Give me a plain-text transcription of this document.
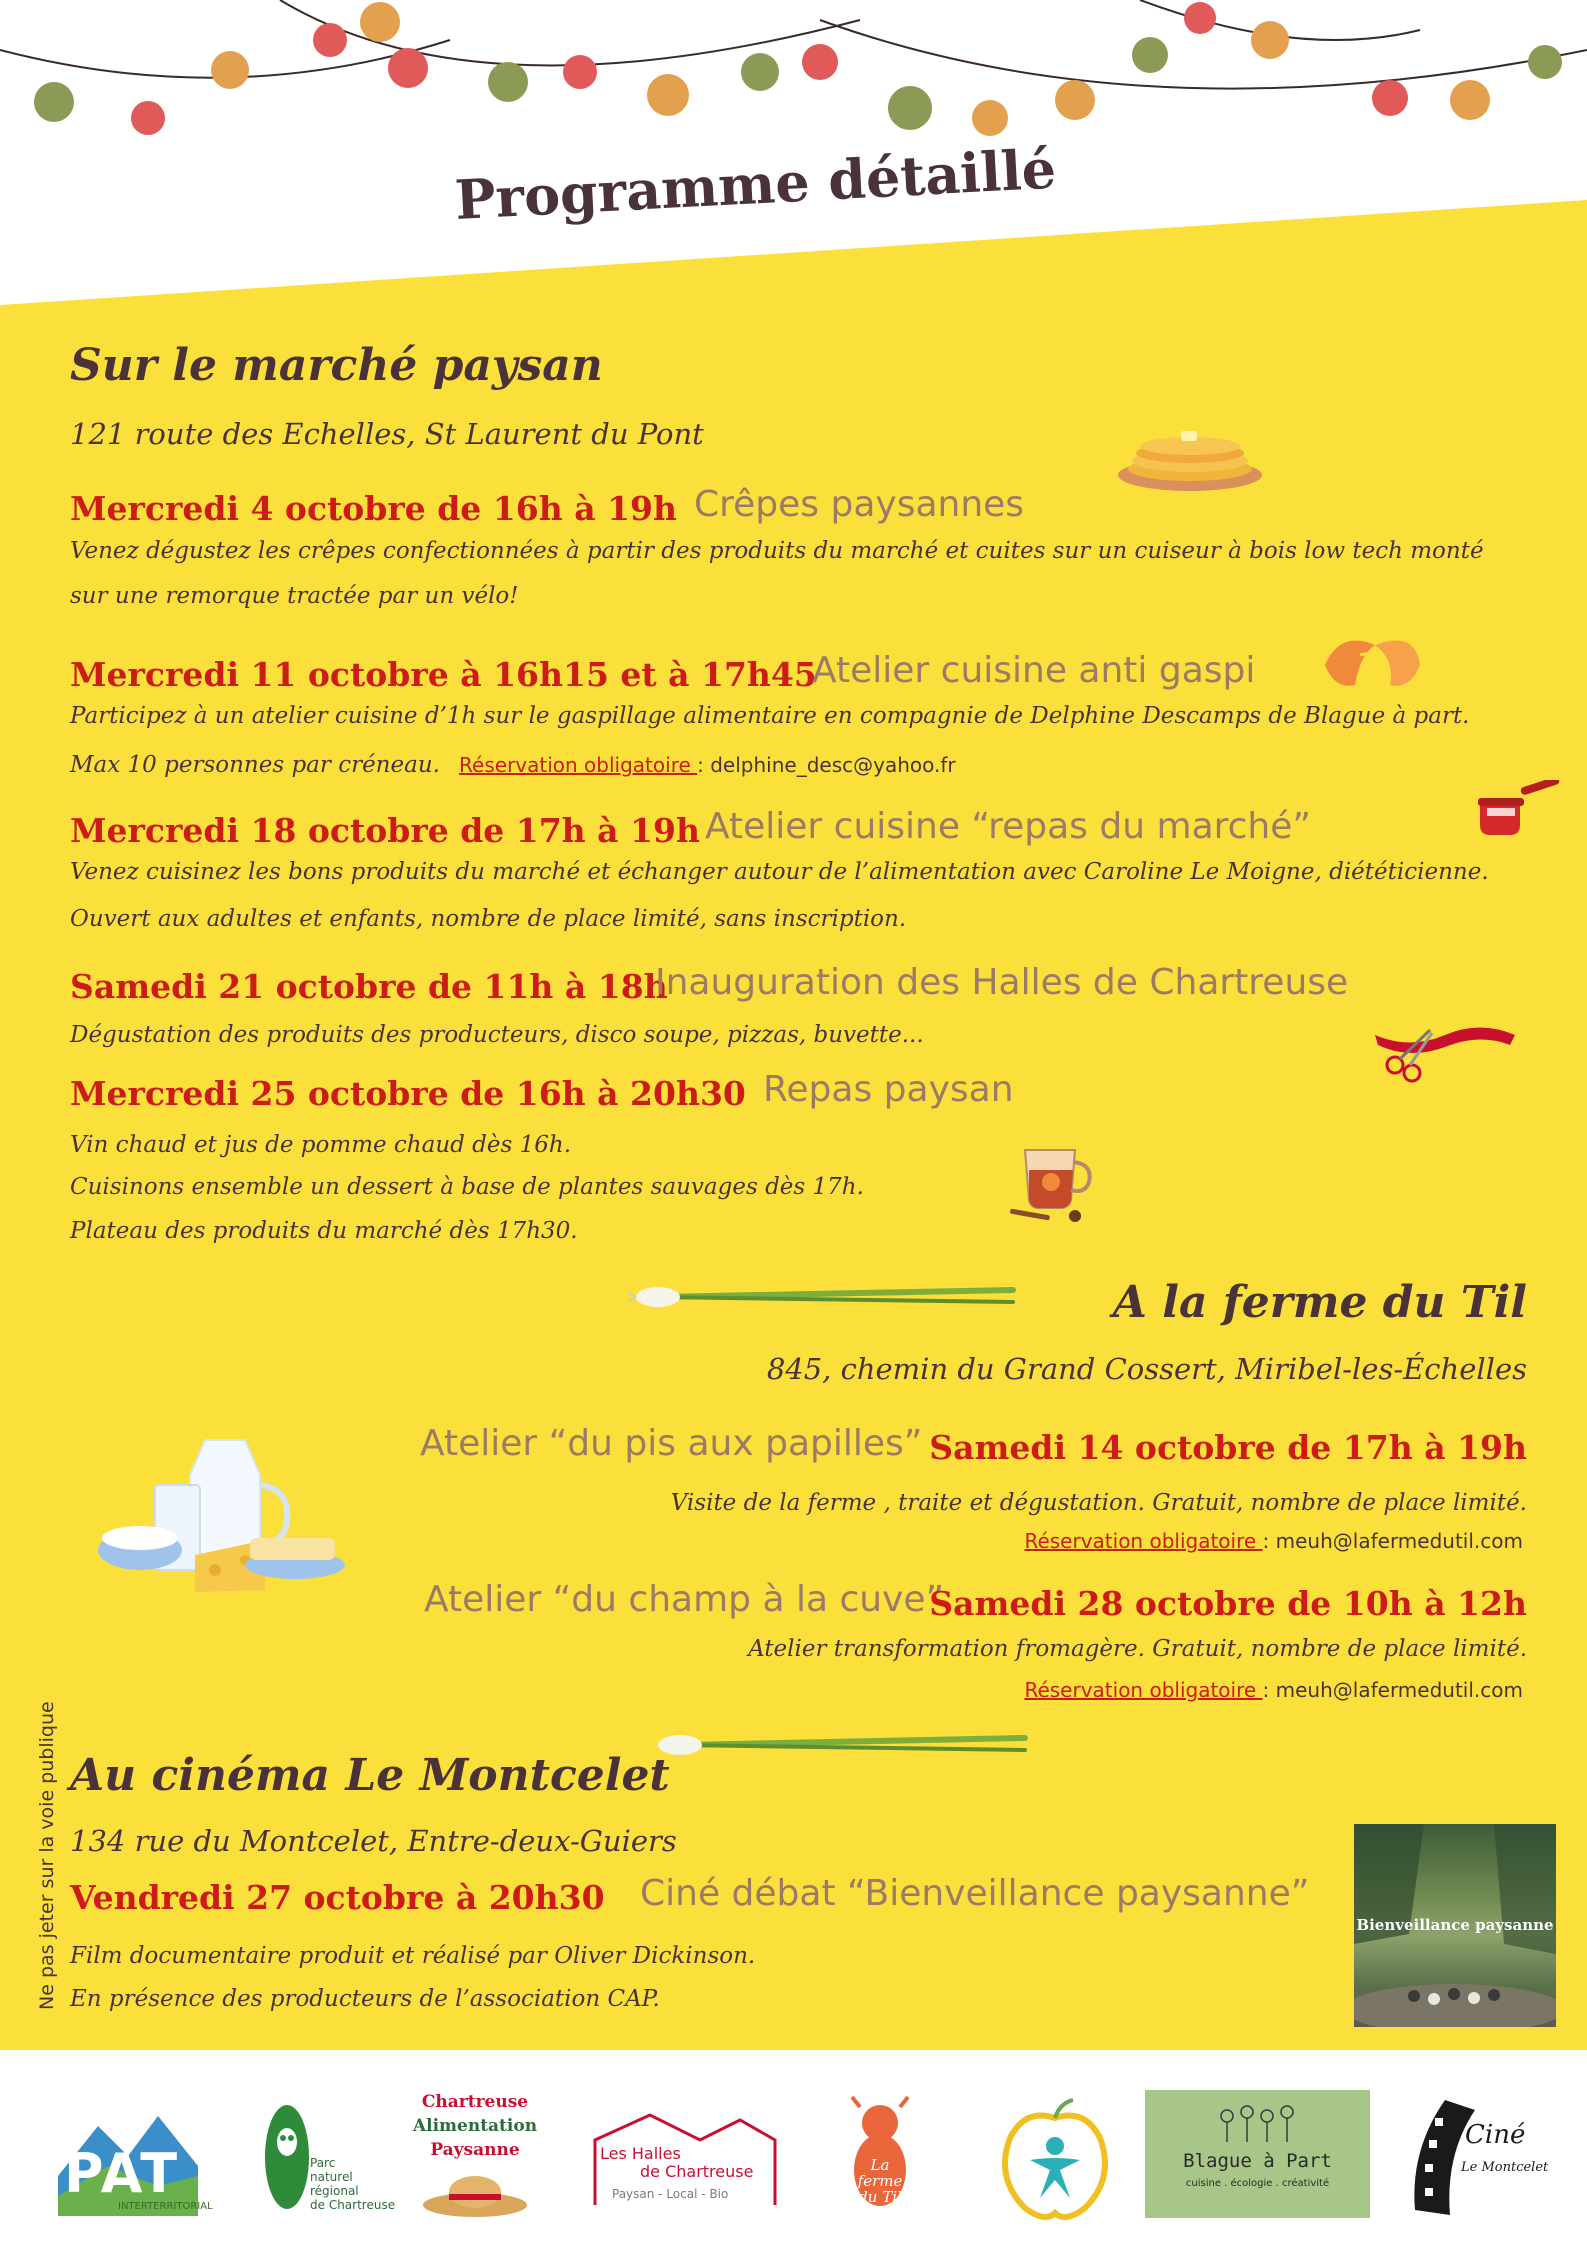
Programme détaillé
Sur le marché paysan
121 route des Echelles, St Laurent du Pont
Mercredi 4 octobre de 16h à 19h Crêpes paysannes
Venez dégustez les crêpes confectionnées à partir des produits du marché et cuites sur un cuiseur à bois low tech monté
sur une remorque tractée par un vélo!
Mercredi 11 octobre à 16h15 et à 17h45
Atelier cuisine anti gaspi
Participez à un atelier cuisine d’1h sur le gaspillage alimentaire en compagnie de Delphine Descamps de Blague à part.
Max 10 personnes par créneau. Réservation obligatoire : delphine_desc@yahoo.fr
Mercredi 18 octobre de 17h à 19h Atelier cuisine “repas du marché”
Venez cuisinez les bons produits du marché et échanger autour de l’alimentation avec Caroline Le Moigne, diététicienne.
Ouvert aux adultes et enfants, nombre de place limité, sans inscription.
Samedi 21 octobre de 11h à 18h
Inauguration des Halles de Chartreuse
Dégustation des produits des producteurs, disco soupe, pizzas, buvette...
Mercredi 25 octobre de 16h à 20h30 Repas paysan
Vin chaud et jus de pomme chaud dès 16h.
Cuisinons ensemble un dessert à base de plantes sauvages dès 17h.
Plateau des produits du marché dès 17h30.
A la ferme du Til
845, chemin du Grand Cossert, Miribel-les-Échelles
Atelier “du pis aux papilles” Samedi 14 octobre de 17h à 19h
Visite de la ferme , traite et dégustation. Gratuit, nombre de place limité.
Réservation obligatoire : meuh@lafermedutil.com
Atelier “du champ à la cuve”
Samedi 28 octobre de 10h à 12h
Atelier transformation fromagère. Gratuit, nombre de place limité.
Réservation obligatoire : meuh@lafermedutil.com
Au cinéma Le Montcelet
134 rue du Montcelet, Entre-deux-Guiers
Vendredi 27 octobre à 20h30 Ciné débat “Bienveillance paysanne”
Film documentaire produit et réalisé par Oliver Dickinson.
En présence des producteurs de l’association CAP.
Bienveillance paysanne
Ne pas jeter sur la voie publique
PAT
INTERTERRITORIAL
Parc
naturel
régional
de Chartreuse
Chartreuse
Alimentation
Paysanne	Les Halles
de Chartreuse
Paysan - Local - Bio
La
ferme
du Til
Blague à Part
cuisine . écologie . créativité
Ciné
Le Montcelet
